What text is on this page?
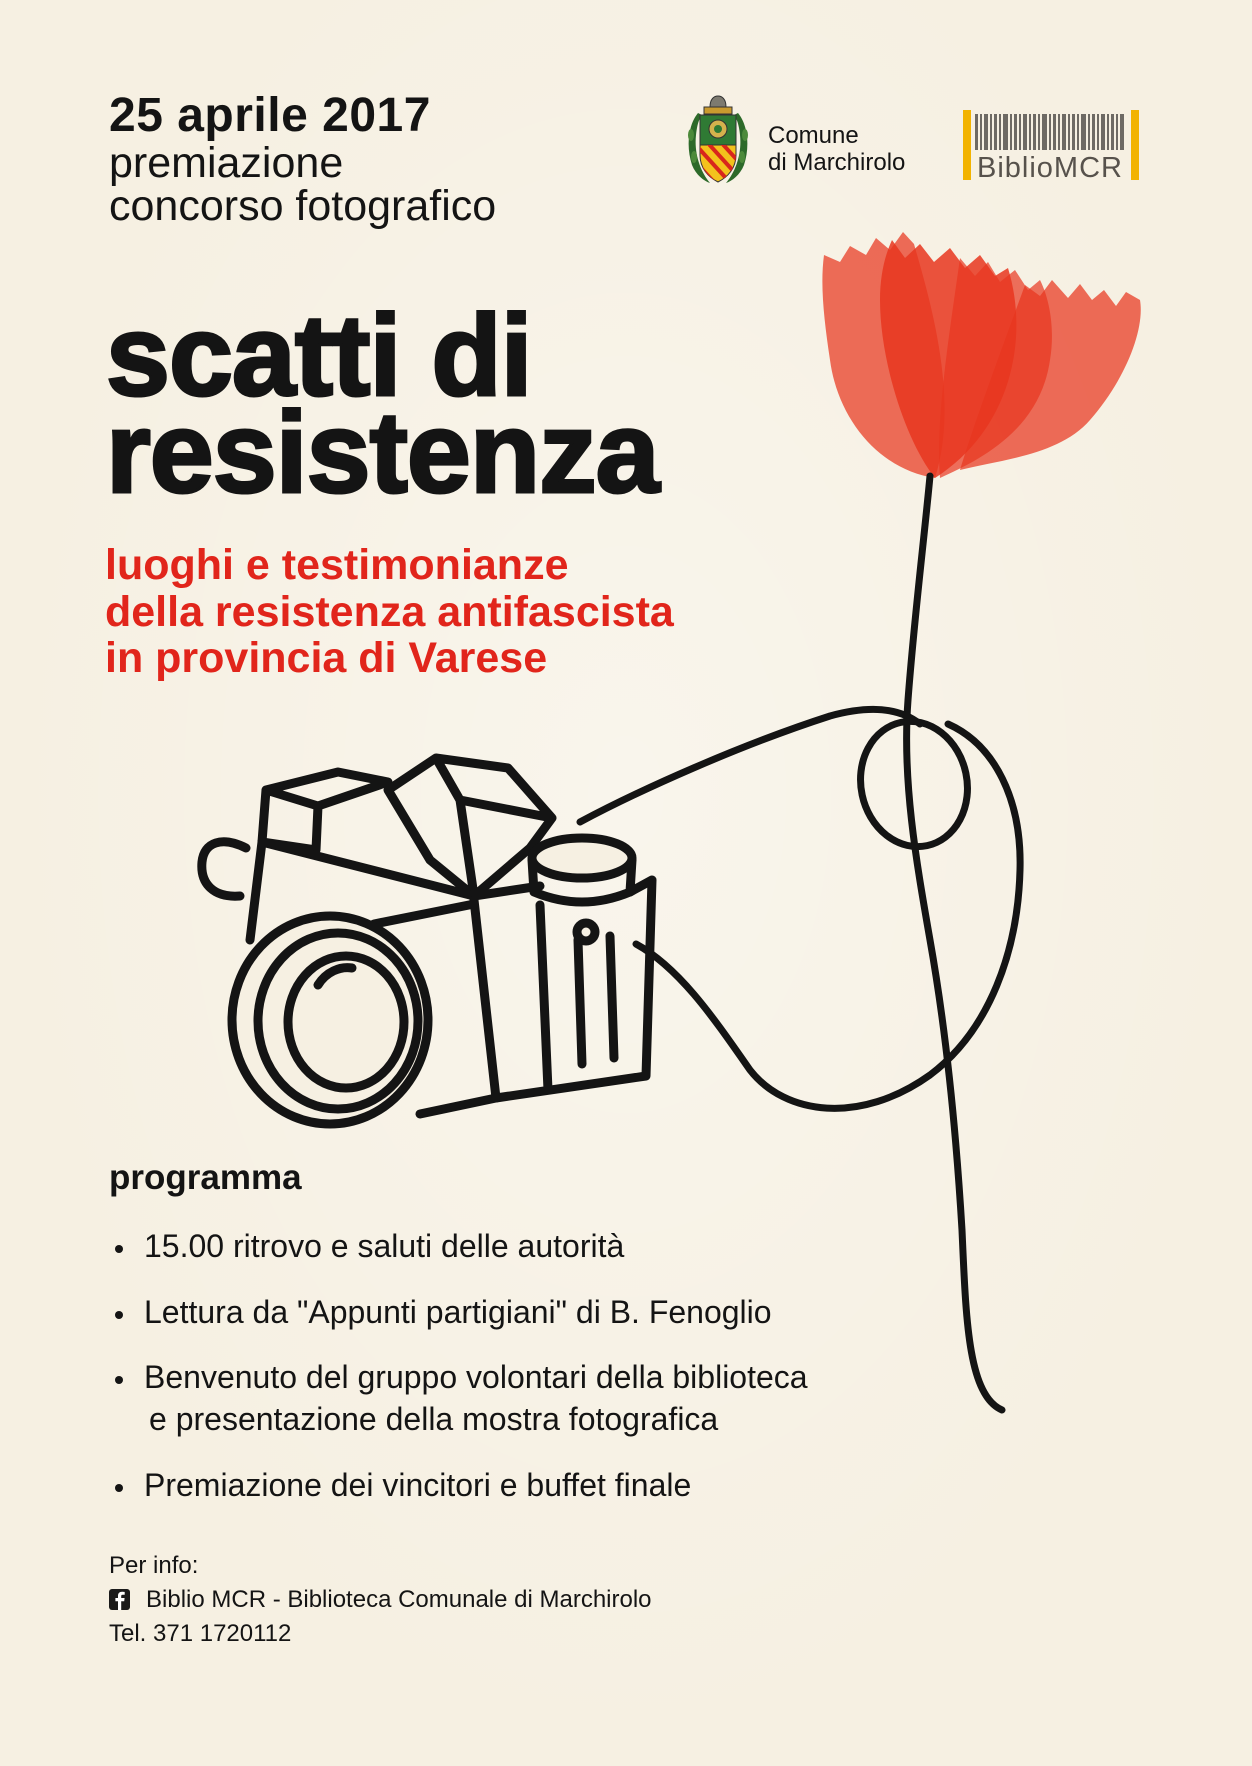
25 aprile 2017
premiazione
concorso fotografico
Comune
di Marchirolo BiblioMCR
scatti di
resistenza
luoghi e testimonianze
della resistenza antifascista
in provincia di Varese
programma
15.00 ritrovo e saluti delle autorità
Lettura da "Appunti partigiani" di B. Fenoglio
Benvenuto del gruppo volontari della biblioteca
e presentazione della mostra fotografica
Premiazione dei vincitori e buffet finale
Per info:
Biblio MCR - Biblioteca Comunale di Marchirolo
Tel. 371 1720112
